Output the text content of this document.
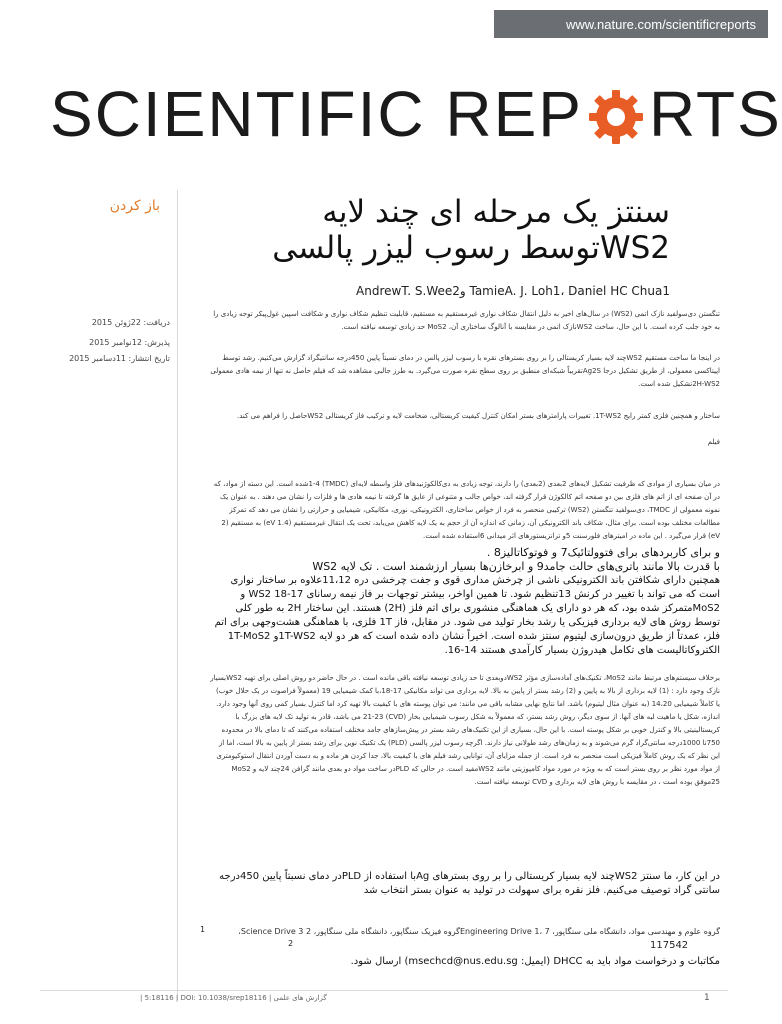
www.nature.com/scientificreports
SCIENTIFIC REP RTS
باز کردن
دریافت: 22ژوئن 2015
پذیرش: 12نوامبر 2015
تاریخ انتشار: 11دسامبر 2015
سنتز یک مرحله ای چند لایه
WS2توسط رسوب لیزر پالسی
AndrewT. S.Wee2و TamieA. J. Loh1، Daniel HC Chua1
تنگستن دی‌سولفید نازک اتمی (WS2) در سال‌های اخیر به دلیل انتقال شکاف نواری غیرمستقیم به مستقیم، قابلیت تنظیم شکاف نواری و شکافت اسپین غول‌پیکر توجه زیادی را به خود جلب کرده است. با این حال، ساخت WS2نازک اتمی در مقایسه با آنالوگ ساختاری آن، MoS2 حد زیادی توسعه نیافته است.
در اینجا ما ساخت مستقیم WS2چند لایه بسیار کریستالی را بر روی بسترهای نقره با رسوب لیزر پالس در دمای نسبتاً پایین 450درجه سانتیگراد گزارش می‌کنیم. رشد توسط اپیتاکسی معمولی، از طریق تشکیل درجا Ag2Sتقریباً شبکه‌ای منطبق بر روی سطح نقره صورت می‌گیرد. به طرز جالبی مشاهده شد که فیلم حاصل نه تنها از نیمه هادی معمولی 2H-WS2تشکیل شده است.
ساختار و همچنین فلزی کمتر رایج 1T-WS2. تغییرات پارامترهای بستر امکان کنترل کیفیت کریستالی، ضخامت لایه و ترکیب فاز کریستالی WS2حاصل را فراهم می کند.
فیلم
در میان بسیاری از موادی که ظرفیت تشکیل لایه‌های 2بعدی (2بعدی) را دارند، توجه زیادی به دی‌کالکوژنیدهای فلز واسطه لایه‌ای (TMDC) 1-4شده است. این دسته از مواد، که در آن صفحه ای از اتم های فلزی بین دو صفحه اتم کالکوژن قرار گرفته اند، خواص جالب و متنوعی از عایق ها گرفته تا نیمه هادی ها و فلزات را نشان می دهند . به عنوان یک نمونه معمولی از TMDC، دی‌سولفید تنگستن (WS2) ترکیبی منحصر به فرد از خواص ساختاری، الکترونیکی، نوری، مکانیکی، شیمیایی و حرارتی را نشان می دهد که تمرکز مطالعات مختلف بوده است. برای مثال، شکاف باند الکترونیکی آن، زمانی که اندازه آن از حجم به یک لایه کاهش می‌یابد، تحت یک انتقال غیرمستقیم (1.4 eV) به مستقیم (2 eV) قرار می‌گیرد . این ماده در امیترهای فلورسنت 5و ترانزیستورهای اثر میدانی 6استفاده شده است.
و برای کاربردهای برای فتوولتائیک7 و فوتوکاتالیز8 .
با قدرت بالا مانند باتری‌های حالت جامد9 و ابرخازن‌ها بسیار ارزشمند است . تک لایه WS2
همچنین دارای شکافتن باند الکترونیکی ناشی از چرخش مداری قوی و جفت چرخشی دره 11،12علاوه بر ساختار نواری است که می تواند با تغییر در کرنش 13تنظیم شود. تا همین اواخر، بیشتر توجهات بر فاز نیمه رسانای WS2 18-17 و MoS2متمرکز شده بود، که هر دو دارای یک هماهنگی منشوری برای اتم فلز (2H) هستند. این ساختار 2H به طور کلی توسط روش های لایه برداری فیزیکی یا رشد بخار تولید می شود. در مقابل، فاز 1T فلزی، با هماهنگی هشت‌وجهی برای اتم فلز، عمدتاً از طریق درون‌سازی لیتیوم سنتز شده است. اخیراً نشان داده شده است که هر دو لایه 1T-WS2و 1T-MoS2 الکتروکاتالیست های تکامل هیدروژن بسیار کارآمدی هستند 14-16.
برخلاف سیستم‌های مرتبط مانند MoS2، تکنیک‌های آماده‌سازی مؤثر WS2دوبعدی تا حد زیادی توسعه نیافته باقی مانده است . در حال حاضر دو روش اصلی برای تهیه WS2بسیار نازک وجود دارد : (1) لایه برداری از بالا به پایین و (2) رشد بستر از پایین به بالا. لایه برداری می تواند مکانیکی 17-18،با کمک شیمیایی 19 (معمولاً فراصوت در یک حلال خوب) یا کاملاً شیمیایی 14،20 (به عنوان مثال لیتیوم) باشد. اما نتایج نهایی مشابه باقی می مانند: می توان پوسته های با کیفیت بالا تهیه کرد اما کنترل بسیار کمی روی آنها وجود دارد. اندازه، شکل یا ماهیت لبه های آنها. از سوی دیگر، روش رشد بستر، که معمولاً به شکل رسوب شیمیایی بخار (CVD) 21-23 می باشد، قادر به تولید تک لایه های بزرگ با کریستالینیتی بالا و کنترل خوبی بر شکل پوسته است. با این حال، بسیاری از این تکنیک‌های رشد بستر در پیش‌سازهای جامد مختلف استفاده می‌کنند که تا دمای بالا در محدوده 750تا 1000درجه سانتی‌گراد گرم می‌شوند و به زمان‌های رشد طولانی نیاز دارند. اگرچه رسوب لیزر پالسی (PLD) یک تکنیک نوین برای رشد بستر از پایین به بالا است، اما از این نظر که یک روش کاملاً فیزیکی است منحصر به فرد است. از جمله مزایای آن، توانایی رشد فیلم های با کیفیت بالا، جدا کردن هر ماده و به دست آوردن انتقال استوکیومتری از مواد مورد نظر بر روی بستر است که به ویژه در مورد مواد کامپوزیتی مانند WS2مفید است. در حالی که PLDدر ساخت مواد دو بعدی مانند گرافن 24چند لایه و MoS2 25موفق بوده است ، در مقایسه با روش های لایه برداری و CVD توسعه نیافته است.
در این کار، ما سنتز WS2چند لایه بسیار کریستالی را بر روی بسترهای Agبا استفاده از PLDدر دمای نسبتاً پایین 450درجه سانتی گراد توصیف می‌کنیم. فلز نقره برای سهولت در تولید به عنوان بستر انتخاب شد
گروه علوم و مهندسی مواد، دانشگاه ملی سنگاپور، Engineering Drive 1، 7گروه فیزیک سنگاپور، دانشگاه ملی سنگاپور، 2 Science Drive 3،
1
2	117542
مکاتبات و درخواست مواد باید به DHCC (ایمیل: msechcd@nus.edu.sg) ارسال شود.
| 5:18116 | DOI: 10.1038/srep18116 | گزارش های علمی	1
